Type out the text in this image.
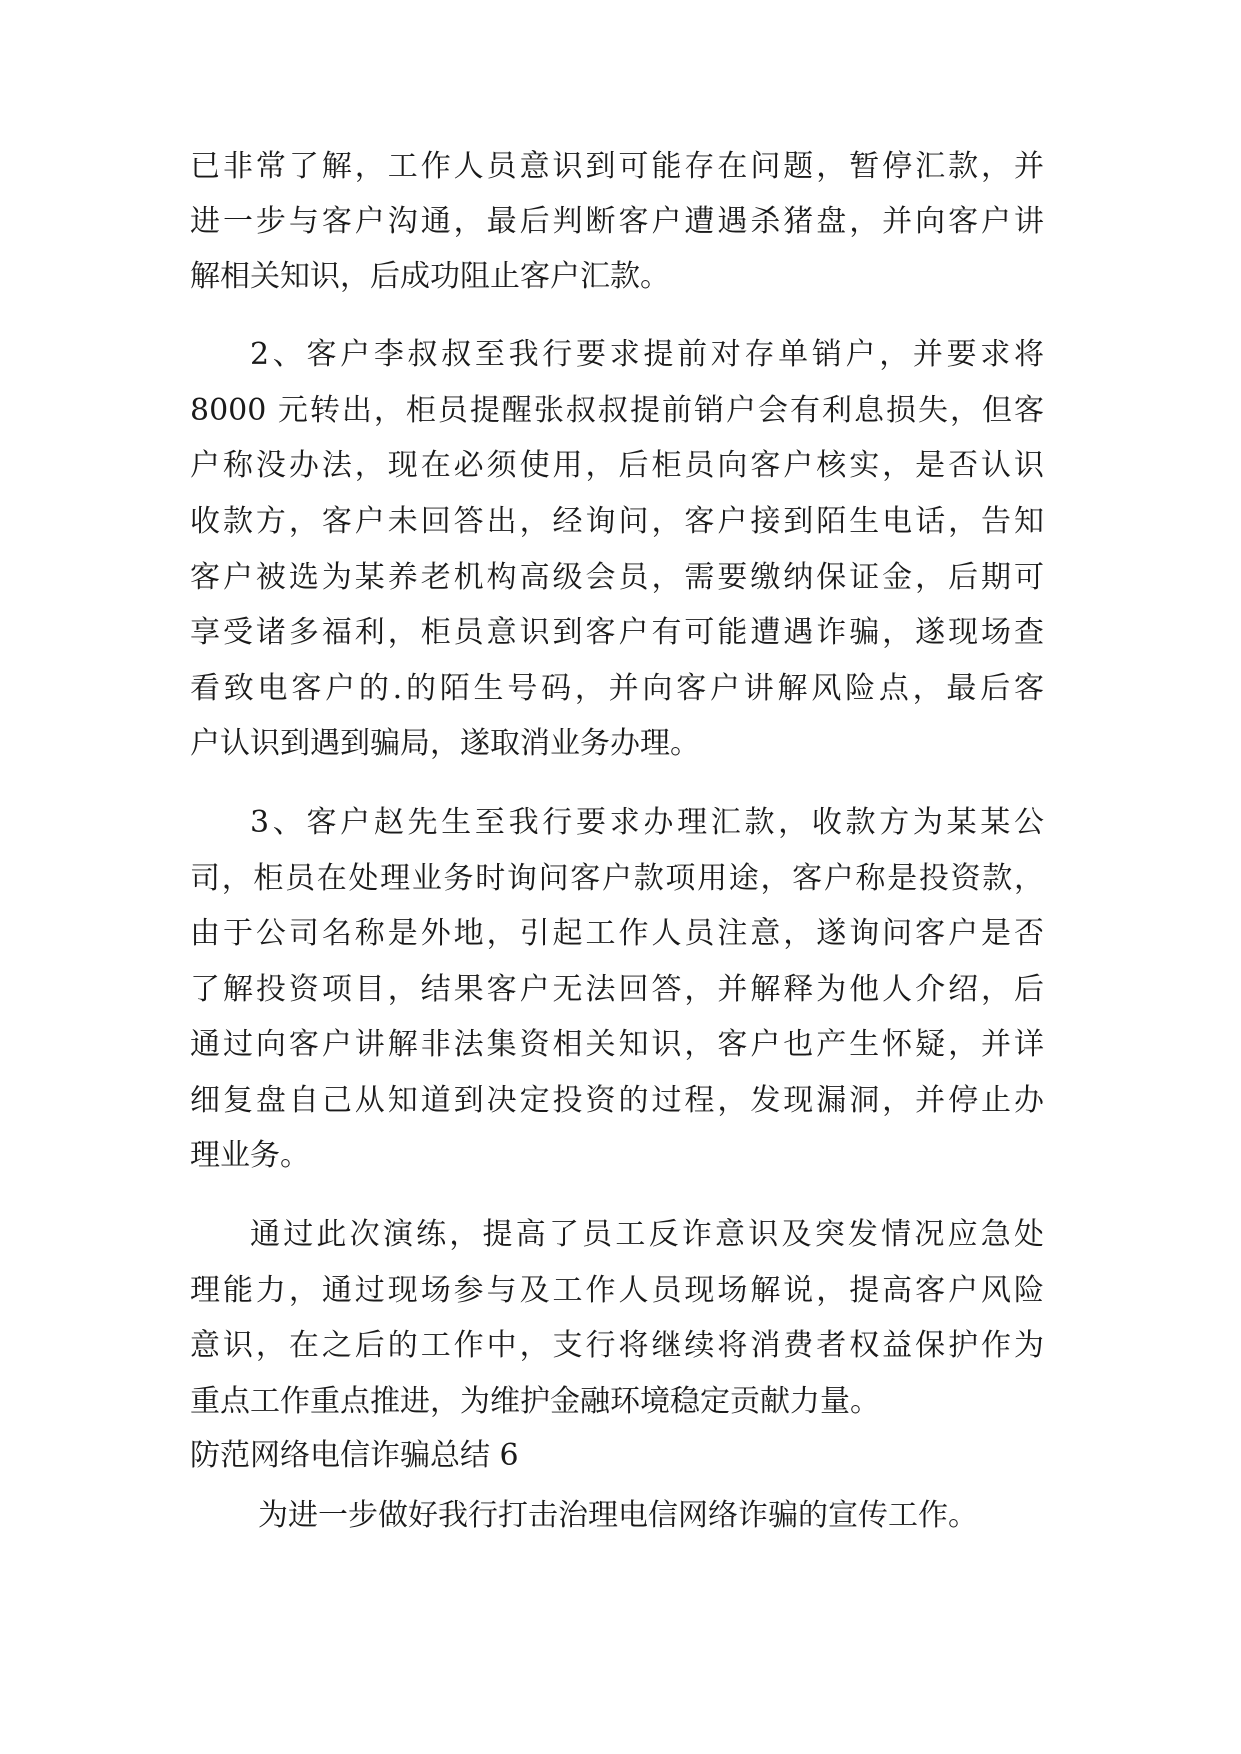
已非常了解，工作人员意识到可能存在问题，暂停汇款，并
进一步与客户沟通，最后判断客户遭遇杀猪盘，并向客户讲
解相关知识，后成功阻止客户汇款。
2、客户李叔叔至我行要求提前对存单销户，并要求将
8000 元转出，柜员提醒张叔叔提前销户会有利息损失，但客
户称没办法，现在必须使用，后柜员向客户核实，是否认识
收款方，客户未回答出，经询问，客户接到陌生电话，告知
客户被选为某养老机构高级会员，需要缴纳保证金，后期可
享受诸多福利，柜员意识到客户有可能遭遇诈骗，遂现场查
看致电客户的.的陌生号码，并向客户讲解风险点，最后客
户认识到遇到骗局，遂取消业务办理。
3、客户赵先生至我行要求办理汇款，收款方为某某公
司，柜员在处理业务时询问客户款项用途，客户称是投资款，
由于公司名称是外地，引起工作人员注意，遂询问客户是否
了解投资项目，结果客户无法回答，并解释为他人介绍，后
通过向客户讲解非法集资相关知识，客户也产生怀疑，并详
细复盘自己从知道到决定投资的过程，发现漏洞，并停止办
理业务。
通过此次演练，提高了员工反诈意识及突发情况应急处
理能力，通过现场参与及工作人员现场解说，提高客户风险
意识，在之后的工作中，支行将继续将消费者权益保护作为
重点工作重点推进，为维护金融环境稳定贡献力量。
防范网络电信诈骗总结 6
为进一步做好我行打击治理电信网络诈骗的宣传工作。
